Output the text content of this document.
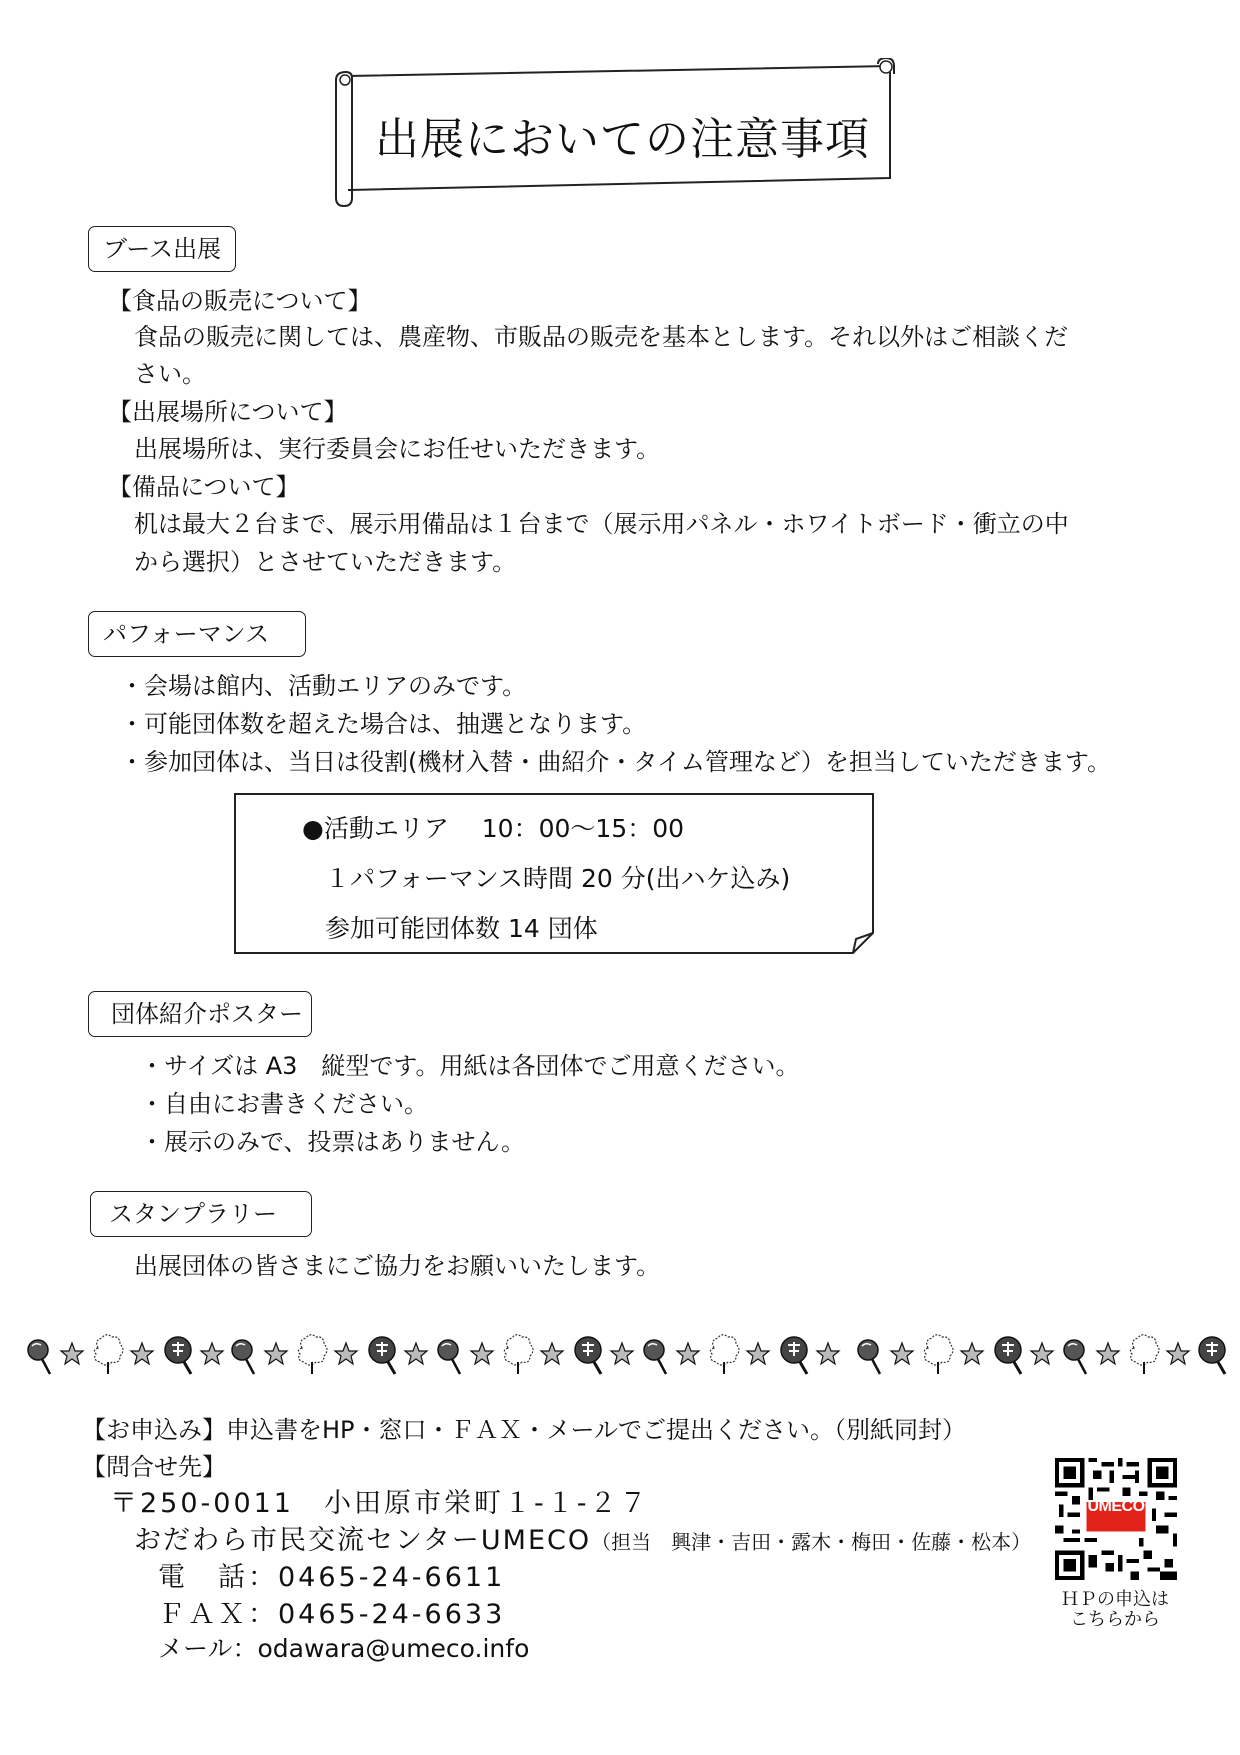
出展においての注意事項
ブース出展
【食品の販売について】
食品の販売に関しては、農産物、市販品の販売を基本とします。それ以外はご相談くだ
さい。
【出展場所について】
出展場所は、実行委員会にお任せいただきます。
【備品について】
机は最大２台まで、展示用備品は１台まで（展示用パネル・ホワイトボード・衝立の中
から選択）とさせていただきます。
パフォーマンス
・会場は館内、活動エリアのみです。
・可能団体数を超えた場合は、抽選となります。
・参加団体は、当日は役割(機材入替・曲紹介・タイム管理など）を担当していただきます。
●活動エリア　 10：00～15：00
１パフォーマンス時間 20 分(出ハケ込み)
参加可能団体数 14 団体
団体紹介ポスター
・サイズは A3　縦型です。用紙は各団体でご用意ください。
・自由にお書きください。
・展示のみで、投票はありません。
スタンプラリー
出展団体の皆さまにご協力をお願いいたします。
【お申込み】申込書をHP・窓口・ＦＡＸ・メールでご提出ください。（別紙同封）
【問合せ先】
〒250-0011　小田原市栄町１-１-２７
おだわら市民交流センターUMECO（担当　興津・吉田・露木・梅田・佐藤・松本）
電　話：0465-24-6611
ＦＡＸ：0465-24-6633
メール：odawara@umeco.info
UMECO
ＨＰの申込は
こちらから
